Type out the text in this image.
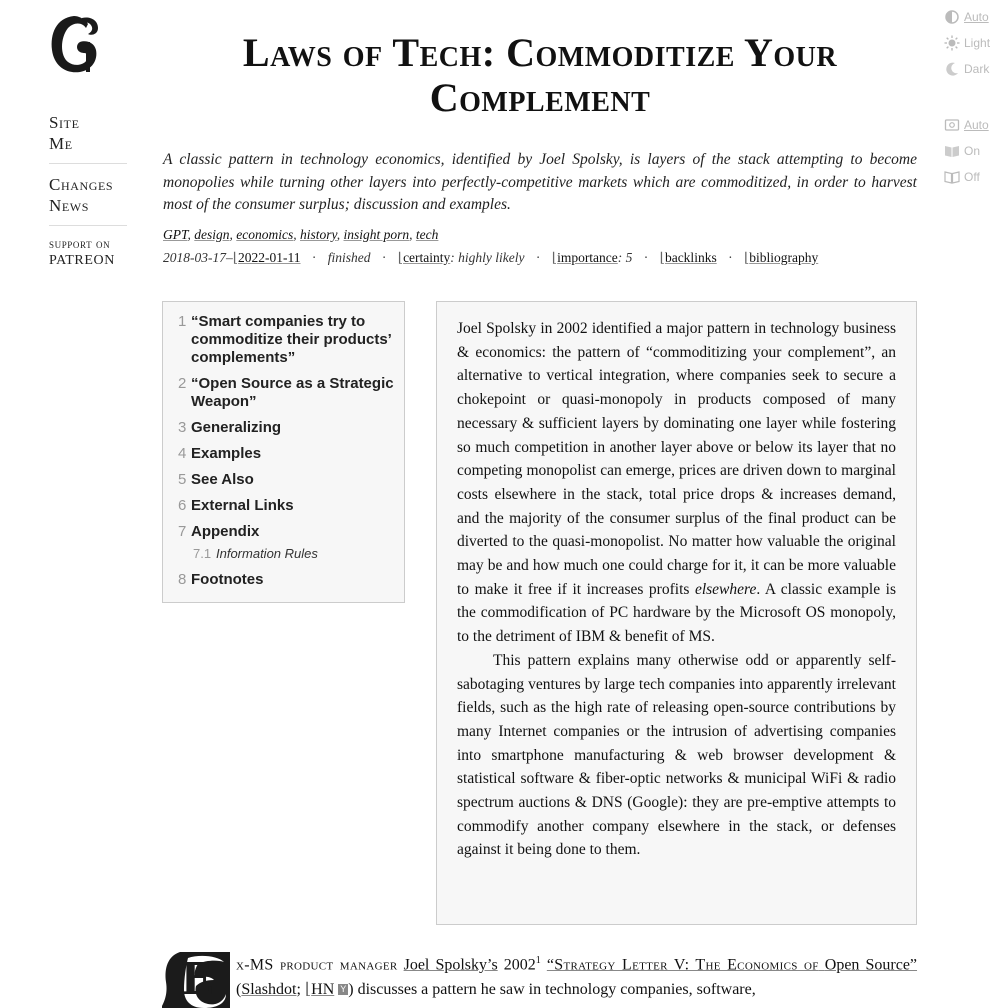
Site
Me
Changes
News
support on
PATREON
Auto
Light
Dark
Auto
On
Off
Laws of Tech: Commoditize Your
Complement

A classic pattern in technology economics, identified by Joel Spolsky, is layers of the stack attempting to become monopolies while turning other layers into perfectly-competitive markets which are commoditized, in order to harvest most of the consumer surplus; discussion and examples.

GPT, design, economics, history, insight porn, tech
2018-03-17–⌊2022-01-11 · finished · ⌊certainty: highly likely · ⌊importance: 5 · ⌊backlinks · ⌊bibliography
1 “Smart companies try to commoditize their products’ complements”
2 “Open Source as a Strategic Weapon”
3 Generalizing
4 Examples
5 See Also
6 External Links
7 Appendix
7.1 Information Rules
8 Footnotes

Joel Spolsky in 2002 identified a major pattern in technology business & economics: the pattern of “commoditizing your complement”, an alternative to vertical integration, where companies seek to secure a chokepoint or quasi-monopoly in products composed of many necessary & sufficient layers by dominating one layer while fostering so much competition in another layer above or below its layer that no competing monopolist can emerge, prices are driven down to marginal costs elsewhere in the stack, total price drops & increases demand, and the majority of the consumer surplus of the final product can be diverted to the quasi-monopolist. No matter how valuable the original may be and how much one could charge for it, it can be more valuable to make it free if it increases profits elsewhere. A classic example is the commodification of PC hardware by the Microsoft OS monopoly, to the detriment of IBM & benefit of MS.

This pattern explains many otherwise odd or apparently self-sabotaging ventures by large tech companies into apparently irrelevant fields, such as the high rate of releasing open-source contributions by many Internet companies or the intrusion of advertising companies into smartphone manufacturing & web browser development & statistical software & fiber-optic networks & municipal WiFi & radio spectrum auctions & DNS (Google): they are pre-emptive attempts to commodify another company elsewhere in the stack, or defenses against it being done to them.

E x-MS product manager Joel Spolsky’s 2002$^1$ “Strategy Letter V: The Economics of Open Source” (Slashdot; ⌊HN Y ) discusses a pattern he saw in technology companies, software,
